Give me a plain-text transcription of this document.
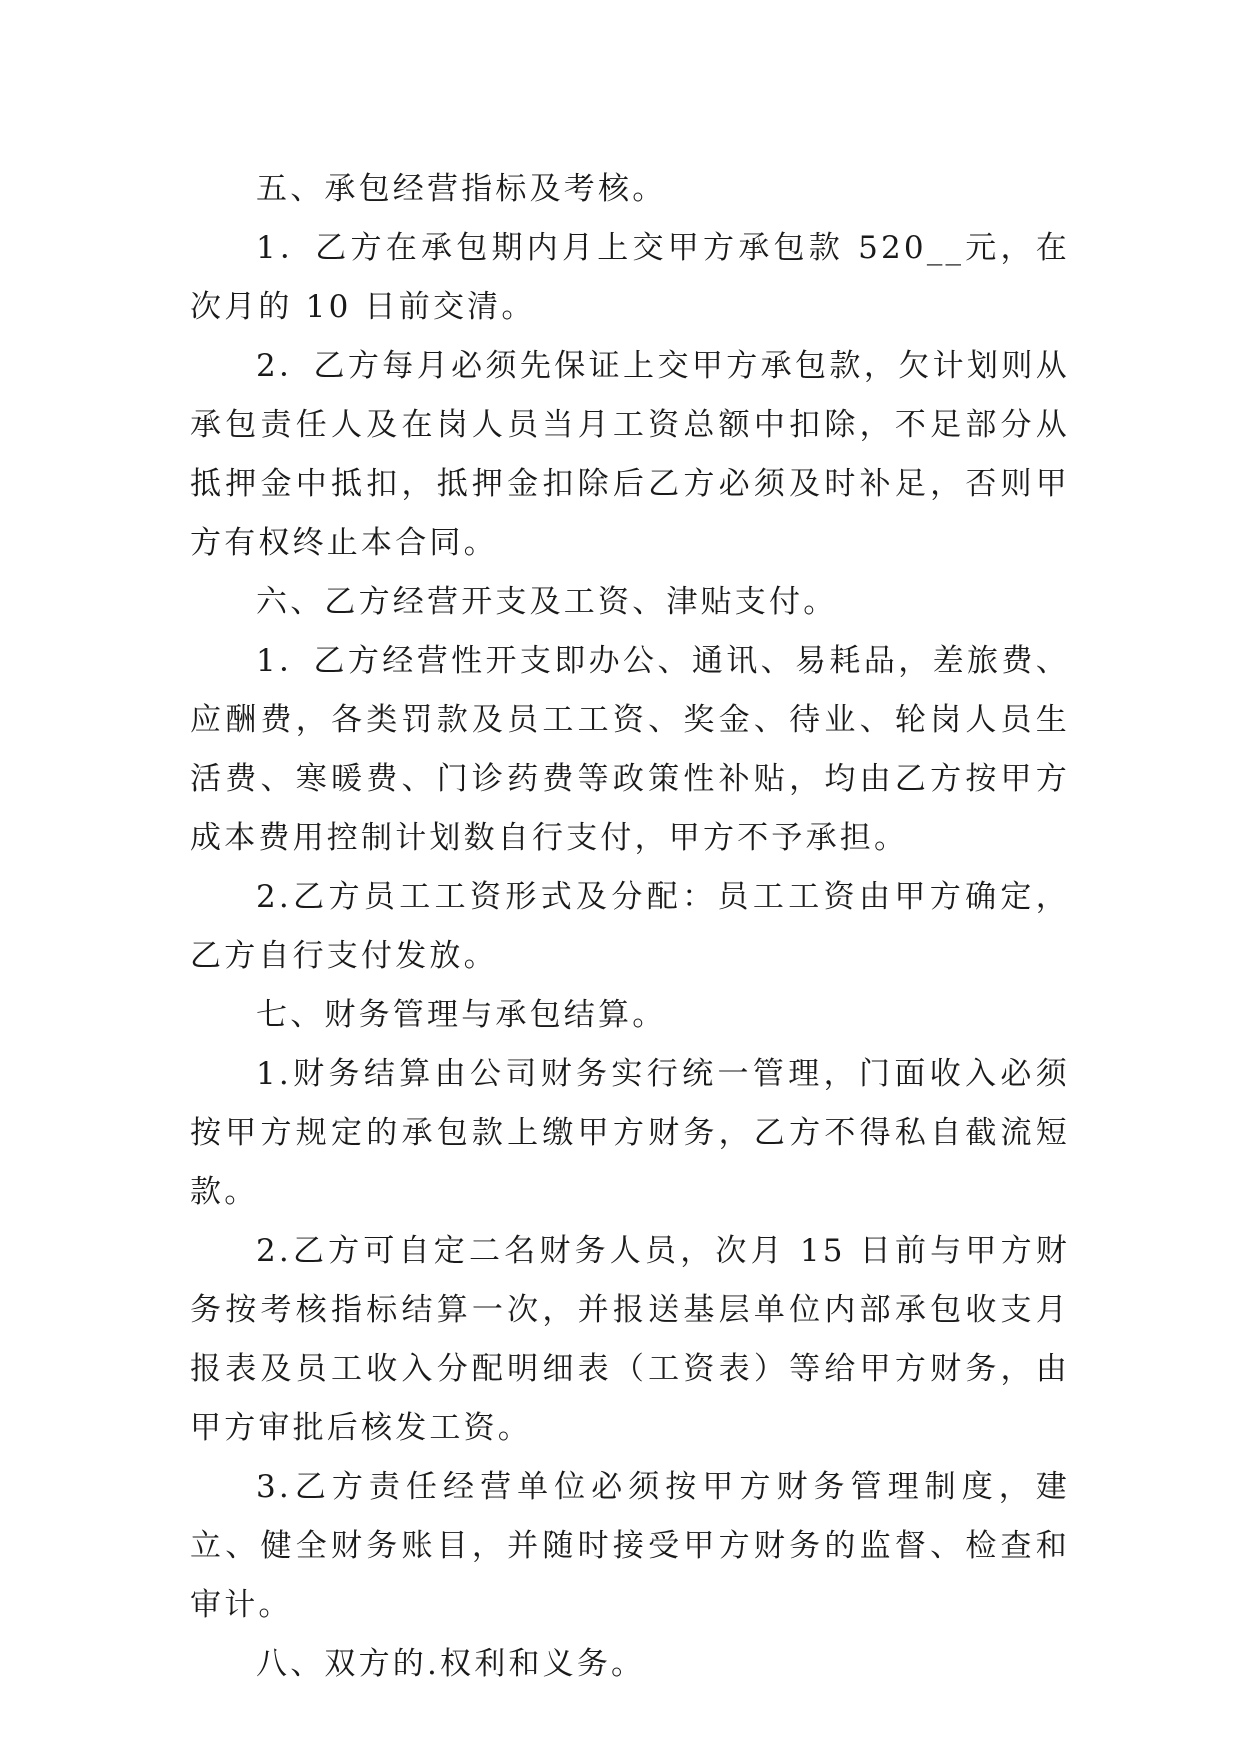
五、承包经营指标及考核。

1．乙方在承包期内月上交甲方承包款 520__元，在次月的 10 日前交清。

2．乙方每月必须先保证上交甲方承包款，欠计划则从承包责任人及在岗人员当月工资总额中扣除，不足部分从抵押金中抵扣，抵押金扣除后乙方必须及时补足，否则甲方有权终止本合同。

六、乙方经营开支及工资、津贴支付。

1．乙方经营性开支即办公、通讯、易耗品，差旅费、应酬费，各类罚款及员工工资、奖金、待业、轮岗人员生活费、寒暖费、门诊药费等政策性补贴，均由乙方按甲方成本费用控制计划数自行支付，甲方不予承担。

2.乙方员工工资形式及分配：员工工资由甲方确定，乙方自行支付发放。

七、财务管理与承包结算。

1.财务结算由公司财务实行统一管理，门面收入必须按甲方规定的承包款上缴甲方财务，乙方不得私自截流短款。

2.乙方可自定二名财务人员，次月 15 日前与甲方财务按考核指标结算一次，并报送基层单位内部承包收支月报表及员工收入分配明细表（工资表）等给甲方财务，由甲方审批后核发工资。

3.乙方责任经营单位必须按甲方财务管理制度，建立、健全财务账目，并随时接受甲方财务的监督、检查和审计。

八、双方的.权利和义务。
